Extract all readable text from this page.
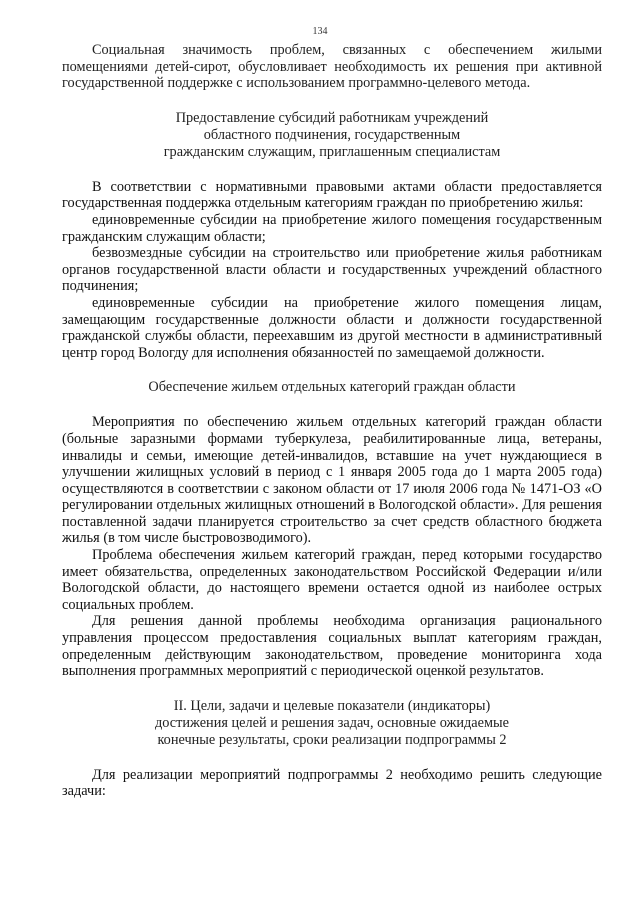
134

Социальная значимость проблем, связанных с обеспечением жилыми помещениями детей-сирот, обусловливает необходимость их решения при активной государственной поддержке с использованием программно-целевого метода.

Предоставление субсидий работникам учреждений
областного подчинения, государственным
гражданским служащим, приглашенным специалистам

В соответствии с нормативными правовыми актами области предоставляется государственная поддержка отдельным категориям граждан по приобретению жилья:

единовременные субсидии на приобретение жилого помещения государственным гражданским служащим области;

безвозмездные субсидии на строительство или приобретение жилья работникам органов государственной власти области и государственных учреждений областного подчинения;

единовременные субсидии на приобретение жилого помещения лицам, замещающим государственные должности области и должности государственной гражданской службы области, переехавшим из другой местности в административный центр город Вологду для исполнения обязанностей по замещаемой должности.

Обеспечение жильем отдельных категорий граждан области

Мероприятия по обеспечению жильем отдельных категорий граждан области (больные заразными формами туберкулеза, реабилитированные лица, ветераны, инвалиды и семьи, имеющие детей-инвалидов, вставшие на учет нуждающиеся в улучшении жилищных условий в период с 1 января 2005 года до 1 марта 2005 года) осуществляются в соответствии с законом области от 17 июля 2006 года № 1471-ОЗ «О регулировании отдельных жилищных отношений в Вологодской области». Для решения поставленной задачи планируется строительство за счет средств областного бюджета жилья (в том числе быстровозводимого).

Проблема обеспечения жильем категорий граждан, перед которыми государство имеет обязательства, определенных законодательством Российской Федерации и/или Вологодской области, до настоящего времени остается одной из наиболее острых социальных проблем.

Для решения данной проблемы необходима организация рационального управления процессом предоставления социальных выплат категориям граждан, определенным действующим законодательством, проведение мониторинга хода выполнения программных мероприятий с периодической оценкой результатов.

II. Цели, задачи и целевые показатели (индикаторы)
достижения целей и решения задач, основные ожидаемые
конечные результаты, сроки реализации подпрограммы 2

Для реализации мероприятий подпрограммы 2 необходимо решить следующие задачи:
